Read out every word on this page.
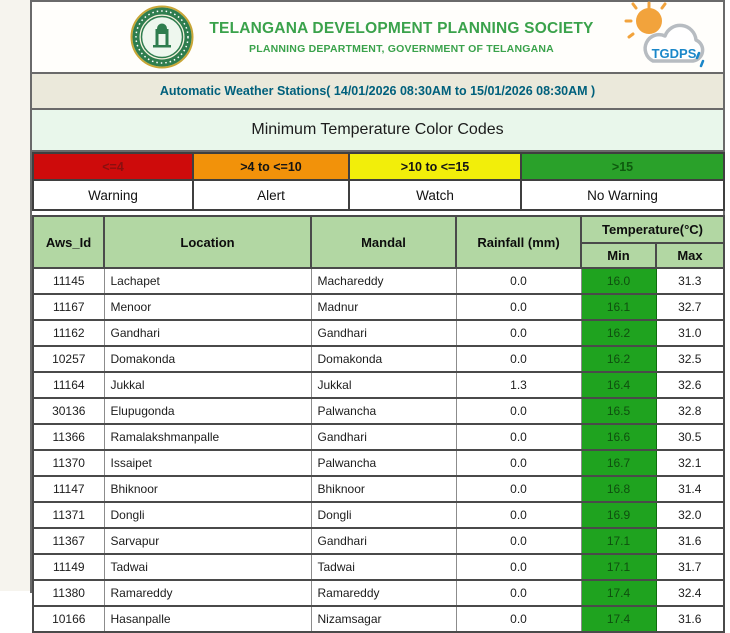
TELANGANA DEVELOPMENT PLANNING SOCIETY
PLANNING DEPARTMENT, GOVERNMENT OF TELANGANA	TGDPS
Automatic Weather Stations( 14/01/2026 08:30AM to 15/01/2026 08:30AM )
Minimum Temperature Color Codes
<=4	>4 to <=10	>10 to <=15	>15
Warning	Alert	Watch	No Warning
Aws_Id	Location	Mandal	Rainfall (mm)	Temperature(°C)	
				Min	Max
11145	Lachapet	Machareddy	0.0	16.0	31.3
11167	Menoor	Madnur	0.0	16.1	32.7
11162	Gandhari	Gandhari	0.0	16.2	31.0
10257	Domakonda	Domakonda	0.0	16.2	32.5
11164	Jukkal	Jukkal	1.3	16.4	32.6
30136	Elupugonda	Palwancha	0.0	16.5	32.8
11366	Ramalakshmanpalle	Gandhari	0.0	16.6	30.5
11370	Issaipet	Palwancha	0.0	16.7	32.1
11147	Bhiknoor	Bhiknoor	0.0	16.8	31.4
11371	Dongli	Dongli	0.0	16.9	32.0
11367	Sarvapur	Gandhari	0.0	17.1	31.6
11149	Tadwai	Tadwai	0.0	17.1	31.7
11380	Ramareddy	Ramareddy	0.0	17.4	32.4
10166	Hasanpalle	Nizamsagar	0.0	17.4	31.6
